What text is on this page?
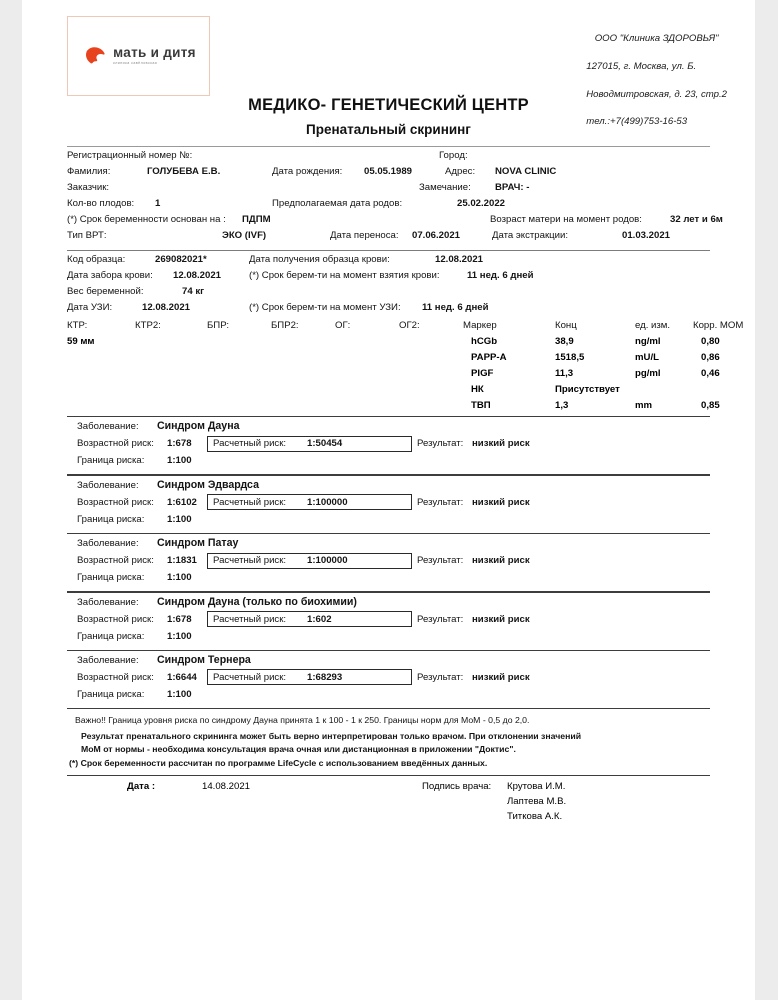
мать и дитя
клиника савёловская

ООО "Клиника ЗДОРОВЬЯ"

127015, г. Москва, ул. Б.

Новодмитровская, д. 23, стр.2

тел.:+7(499)753-16-53

МЕДИКО- ГЕНЕТИЧЕСКИЙ ЦЕНТР
Пренатальный скрининг
Регистрационный номер №:	Город:
Фамилия:	ГОЛУБЕВА Е.В.	Дата рождения: 05.05.1989	Адрес: NOVA CLINIC
Заказчик:	Замечание:	ВРАЧ: -
Кол-во плодов: 1	Предполагаемая дата родов:	25.02.2022
(*) Срок беременности основан на : ПДПМ	Возраст матери на момент родов:	32 лет и 6м
Тип ВРТ:	ЭКО (IVF)	Дата переноса: 07.06.2021	Дата экстракции:	01.03.2021
Код образца:	269082021*	Дата получения образца крови:	12.08.2021
Дата забора крови: 12.08.2021	(*) Срок берем-ти на момент взятия крови:	11 нед. 6 дней
Вес беременной:	74 кг
Дата УЗИ:	12.08.2021	(*) Срок берем-ти на момент УЗИ: 11 нед. 6 дней
КТР:	КТР2:	БПР:	БПР2:	ОГ:	ОГ2:
59 мм
Маркер	Конц	ед. изм. Корр. МОМ
hCGb	38,9	ng/ml	0,80
PAPP-A	1518,5	mU/L	0,86
PIGF	11,3	pg/ml	0,46
НК	Присутствует
ТВП	1,3	mm	0,85
Заболевание: Синдром Дауна
Возрастной риск: 1:678 Расчетный риск: 1:50454	Результат: низкий риск
Граница риска: 1:100
Заболевание: Синдром Эдвардса
Возрастной риск: 1:6102 Расчетный риск: 1:100000	Результат: низкий риск
Граница риска: 1:100
Заболевание: Синдром Патау
Возрастной риск: 1:1831 Расчетный риск: 1:100000	Результат: низкий риск
Граница риска: 1:100
Заболевание: Синдром Дауна (только по биохимии)
Возрастной риск: 1:678 Расчетный риск: 1:602	Результат: низкий риск
Граница риска: 1:100
Заболевание: Синдром Тернера
Возрастной риск: 1:6644 Расчетный риск: 1:68293	Результат: низкий риск
Граница риска: 1:100
Важно!! Граница уровня риска по синдрому Дауна принята 1 к 100 - 1 к 250. Границы норм для МоМ - 0,5 до 2,0.
Результат пренатального скрининга может быть верно интерпретирован только врачом. При отклонении значений
МоМ от нормы - необходима консультация врача очная или дистанционная в приложении "Доктис".
(*) Срок беременности рассчитан по программе LifeCycle с использованием введённых данных.
Дата :	14.08.2021	Подпись врача: Крутова И.М.
Лаптева М.В.
Титкова А.К.
